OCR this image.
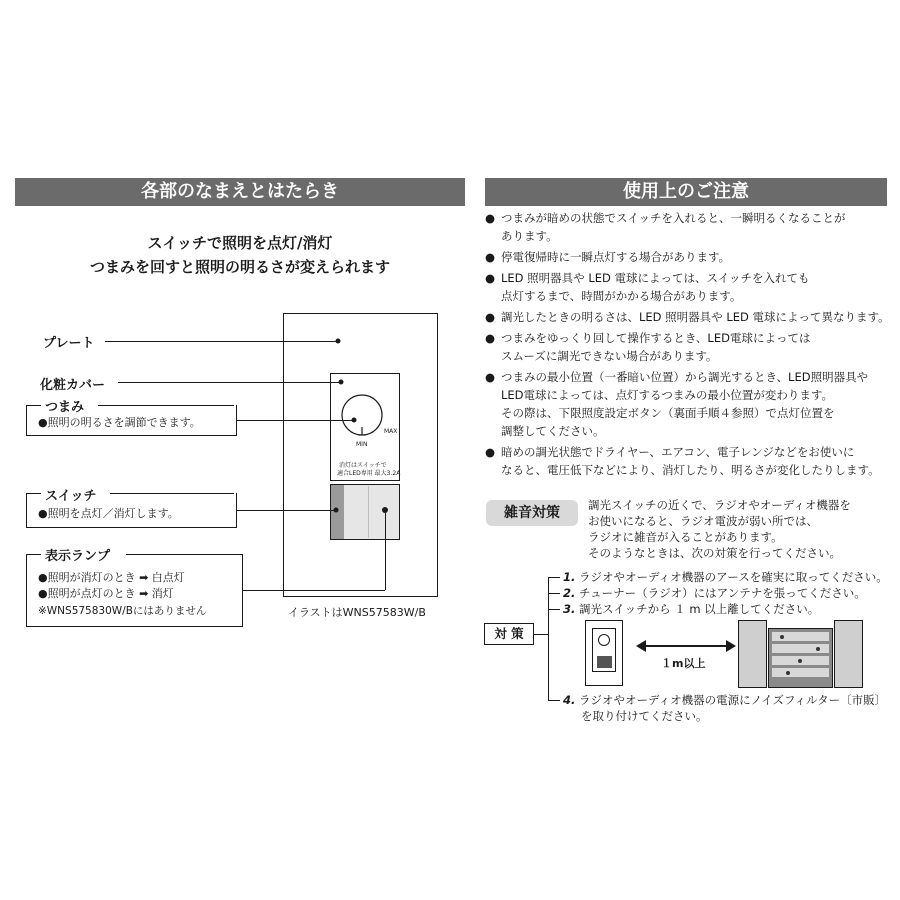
各部のなまえとはたらき
スイッチで照明を点灯/消灯
つまみを回すと照明の明るさが変えられます
MIN
MAX
消灯はスイッチで
適合LED専用 最大3.2A
イラストはWNS57583W/B
プレート
化粧カバー
つまみ
●照明の明るさを調節できます。
スイッチ
●照明を点灯／消灯します。
表示ランプ
●照明が消灯のとき ➡ 白点灯
●照明が点灯のとき ➡ 消灯
※WNS575830W/Bにはありません
使用上のご注意
● つまみが暗めの状態でスイッチを入れると、一瞬明るくなることが
あります。
● 停電復帰時に一瞬点灯する場合があります。
● LED 照明器具や LED 電球によっては、スイッチを入れても
点灯するまで、時間がかかる場合があります。
● 調光したときの明るさは、LED 照明器具や LED 電球によって異なります。
● つまみをゆっくり回して操作するとき、LED電球によっては
スムーズに調光できない場合があります。
● つまみの最小位置（一番暗い位置）から調光するとき、LED照明器具や
LED電球によっては、点灯するつまみの最小位置が変わります。
その際は、下限照度設定ボタン（裏面手順４参照）で点灯位置を
調整してください。
● 暗めの調光状態でドライヤー、エアコン、電子レンジなどをお使いに
なると、電圧低下などにより、消灯したり、明るさが変化したりします。
雑音対策	調光スイッチの近くで、ラジオやオーディオ機器を
お使いになると、ラジオ電波が弱い所では、
ラジオに雑音が入ることがあります。
そのようなときは、次の対策を行ってください。
1. ラジオやオーディオ機器のアースを確実に取ってください。
2. チューナー（ラジオ）にはアンテナを張ってください。
3. 調光スイッチから １ m 以上離してください。
対 策
１m以上
4. ラジオやオーディオ機器の電源にノイズフィルター〔市販〕
を取り付けてください。
